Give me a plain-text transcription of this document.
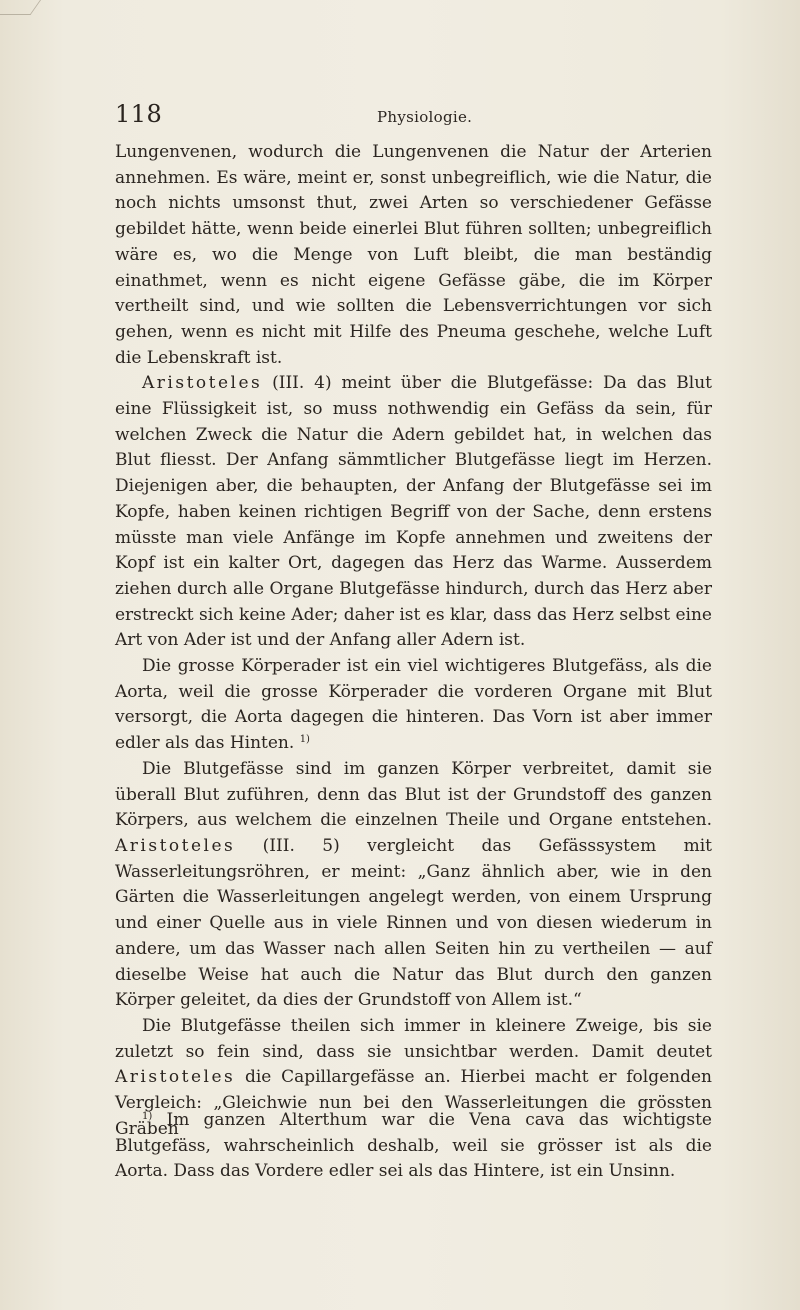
118	Physiologie.

Lungenvenen, wodurch die Lungenvenen die Natur der Arterien annehmen. Es wäre, meint er, sonst unbegreiflich, wie die Natur, die noch nichts umsonst thut, zwei Arten so verschiedener Gefässe gebildet hätte, wenn beide einerlei Blut führen sollten; unbegreiflich wäre es, wo die Menge von Luft bleibt, die man beständig einathmet, wenn es nicht eigene Gefässe gäbe, die im Körper vertheilt sind, und wie sollten die Lebensverrichtungen vor sich gehen, wenn es nicht mit Hilfe des Pneuma geschehe, welche Luft die Lebenskraft ist.

Aristoteles (III. 4) meint über die Blutgefässe: Da das Blut eine Flüssigkeit ist, so muss nothwendig ein Gefäss da sein, für welchen Zweck die Natur die Adern gebildet hat, in welchen das Blut fliesst. Der Anfang sämmtlicher Blutgefässe liegt im Herzen. Diejenigen aber, die behaupten, der Anfang der Blutgefässe sei im Kopfe, haben keinen richtigen Begriff von der Sache, denn erstens müsste man viele Anfänge im Kopfe annehmen und zweitens der Kopf ist ein kalter Ort, dagegen das Herz das Warme. Ausserdem ziehen durch alle Organe Blutgefässe hindurch, durch das Herz aber erstreckt sich keine Ader; daher ist es klar, dass das Herz selbst eine Art von Ader ist und der Anfang aller Adern ist.

Die grosse Körperader ist ein viel wichtigeres Blutgefäss, als die Aorta, weil die grosse Körperader die vorderen Organe mit Blut versorgt, die Aorta dagegen die hinteren. Das Vorn ist aber immer edler als das Hinten. $^{1)}$

Die Blutgefässe sind im ganzen Körper verbreitet, damit sie überall Blut zuführen, denn das Blut ist der Grundstoff des ganzen Körpers, aus welchem die einzelnen Theile und Organe entstehen. Aristoteles (III. 5) vergleicht das Gefässsystem mit Wasserleitungsröhren, er meint: „Ganz ähnlich aber, wie in den Gärten die Wasserleitungen angelegt werden, von einem Ursprung und einer Quelle aus in viele Rinnen und von diesen wiederum in andere, um das Wasser nach allen Seiten hin zu vertheilen — auf dieselbe Weise hat auch die Natur das Blut durch den ganzen Körper geleitet, da dies der Grundstoff von Allem ist.“

Die Blutgefässe theilen sich immer in kleinere Zweige, bis sie zuletzt so fein sind, dass sie unsichtbar werden. Damit deutet Aristoteles die Capillargefässe an. Hierbei macht er folgenden Vergleich: „Gleichwie nun bei den Wasserleitungen die grössten Gräben

$^{1)}$ Im ganzen Alterthum war die Vena cava das wichtigste Blutgefäss, wahrscheinlich deshalb, weil sie grösser ist als die Aorta. Dass das Vordere edler sei als das Hintere, ist ein Unsinn.
